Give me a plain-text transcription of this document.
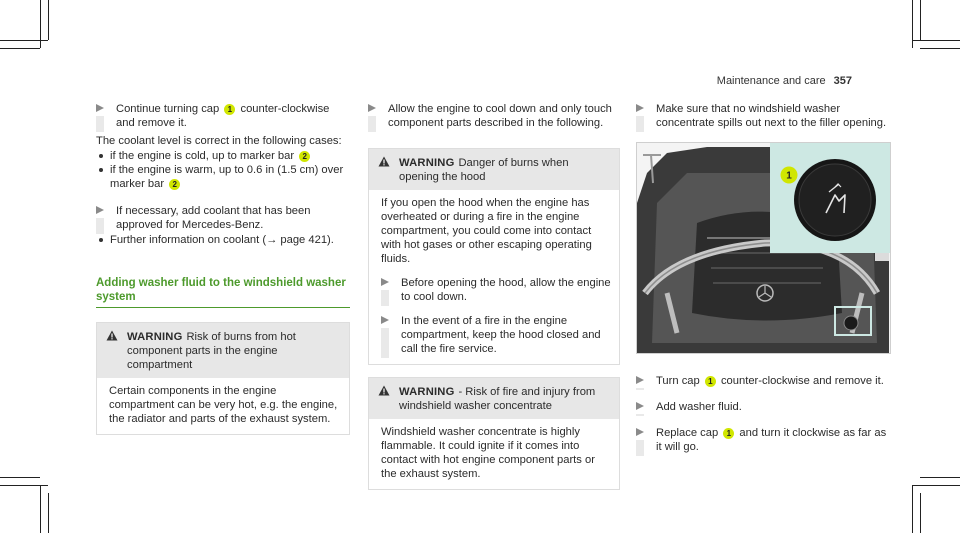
Maintenance and care 357
Continue turning cap 1 counter-clockwise and remove it.
The coolant level is correct in the following cases:
if the engine is cold, up to marker bar 2
if the engine is warm, up to 0.6 in (1.5 cm) over marker bar 2
If necessary, add coolant that has been approved for Mercedes-Benz.
Further information on coolant (→ page 421).
Adding washer fluid to the windshield washer system
WARNING Risk of burns from hot component parts in the engine compartment
Certain components in the engine compartment can be very hot, e.g. the engine, the radiator and parts of the exhaust system.
Allow the engine to cool down and only touch component parts described in the following.
WARNING Danger of burns when opening the hood
If you open the hood when the engine has overheated or during a fire in the engine compartment, you could come into contact with hot gases or other escaping operating fluids.
Before opening the hood, allow the engine to cool down.
In the event of a fire in the engine compartment, keep the hood closed and call the fire service.
WARNING - Risk of fire and injury from windshield washer concentrate
Windshield washer concentrate is highly flammable. It could ignite if it comes into contact with hot engine component parts or the exhaust system.
Make sure that no windshield washer concentrate spills out next to the filler opening.
1
Turn cap 1 counter-clockwise and remove it.
Add washer fluid.
Replace cap 1 and turn it clockwise as far as it will go.
